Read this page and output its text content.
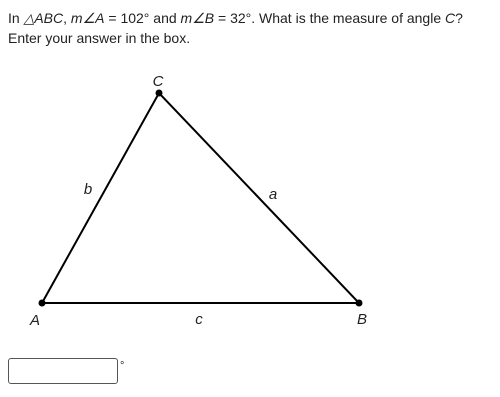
In △ABC, m∠A = 102° and m∠B = 32°. What is the measure of angle C?
Enter your answer in the box.
A	B
C
b	a
c
°
